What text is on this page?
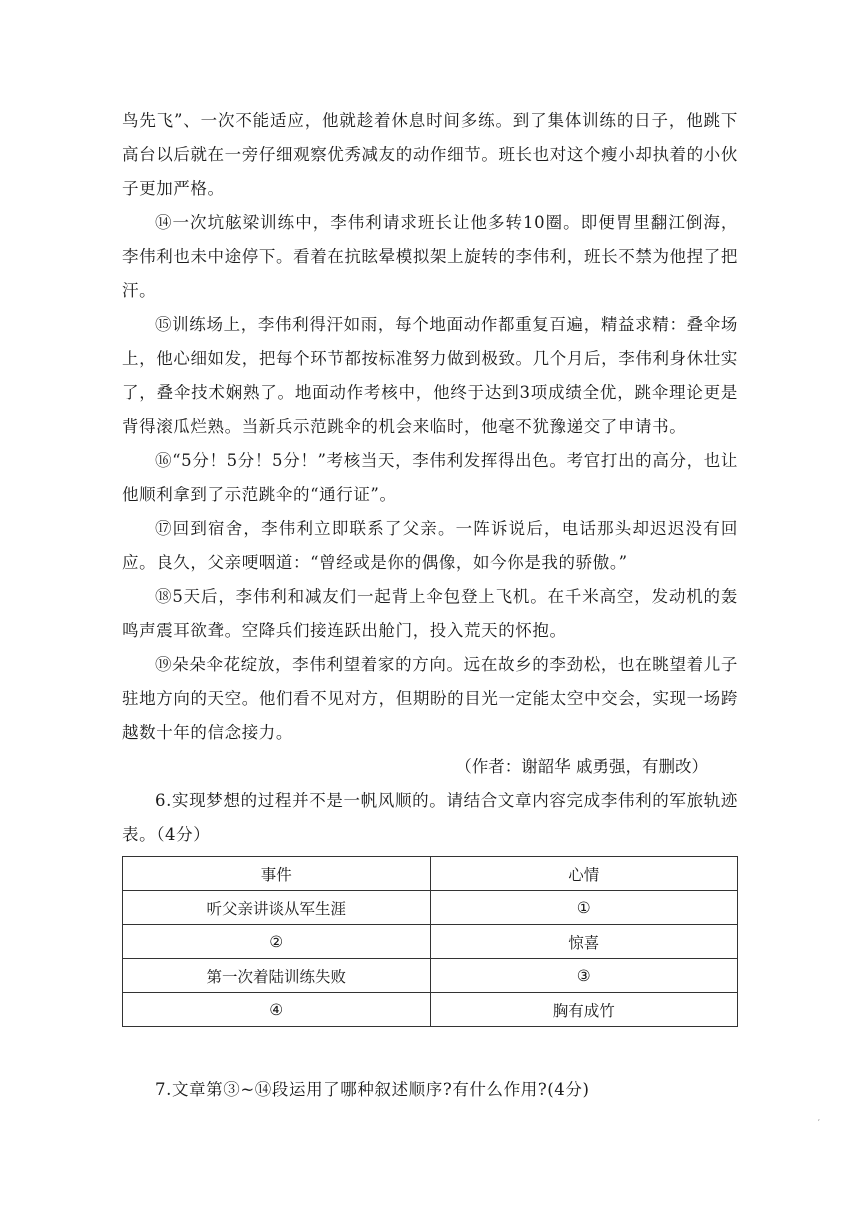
鸟先飞”、一次不能适应，他就趁着休息时间多练。到了集体训练的日子，他跳下高台以后就在一旁仔细观察优秀减友的动作细节。班长也对这个瘦小却执着的小伙子更加严格。

⑭一次坑舷梁训练中，李伟利请求班长让他多转10圈。即便胃里翻江倒海，李伟利也未中途停下。看着在抗眩晕模拟架上旋转的李伟利，班长不禁为他捏了把汗。

⑮训练场上，李伟利得汗如雨，每个地面动作都重复百遍，精益求精：叠伞场上，他心细如发，把每个环节都按标准努力做到极致。几个月后，李伟利身休壮实了，叠伞技术娴熟了。地面动作考核中，他终于达到3项成绩全优，跳伞理论更是背得滚瓜烂熟。当新兵示范跳伞的机会来临时，他毫不犹豫递交了申请书。

⑯“5分！5分！5分！”考核当天，李伟利发挥得出色。考官打出的高分，也让他顺利拿到了示范跳伞的“通行证”。

⑰回到宿舍，李伟利立即联系了父亲。一阵诉说后，电话那头却迟迟没有回应。良久，父亲哽咽道：“曾经或是你的偶像，如今你是我的骄傲。”

⑱5天后，李伟利和减友们一起背上伞包登上飞机。在千米高空，发动机的轰鸣声震耳欲聋。空降兵们接连跃出舱门，投入荒天的怀抱。

⑲朵朵伞花绽放，李伟利望着家的方向。远在故乡的李劲松，也在眺望着儿子驻地方向的天空。他们看不见对方，但期盼的目光一定能太空中交会，实现一场跨越数十年的信念接力。

（作者：谢韶华 戚勇强，有删改）

6.实现梦想的过程并不是一帆风顺的。请结合文章内容完成李伟利的军旅轨迹表。（4分）

事件	心情
听父亲讲谈从军生涯	①
②	惊喜
第一次着陆训练失败	③
④	胸有成竹

7.文章第③~⑭段运用了哪种叙述顺序?有什么作用?(4分)

’
